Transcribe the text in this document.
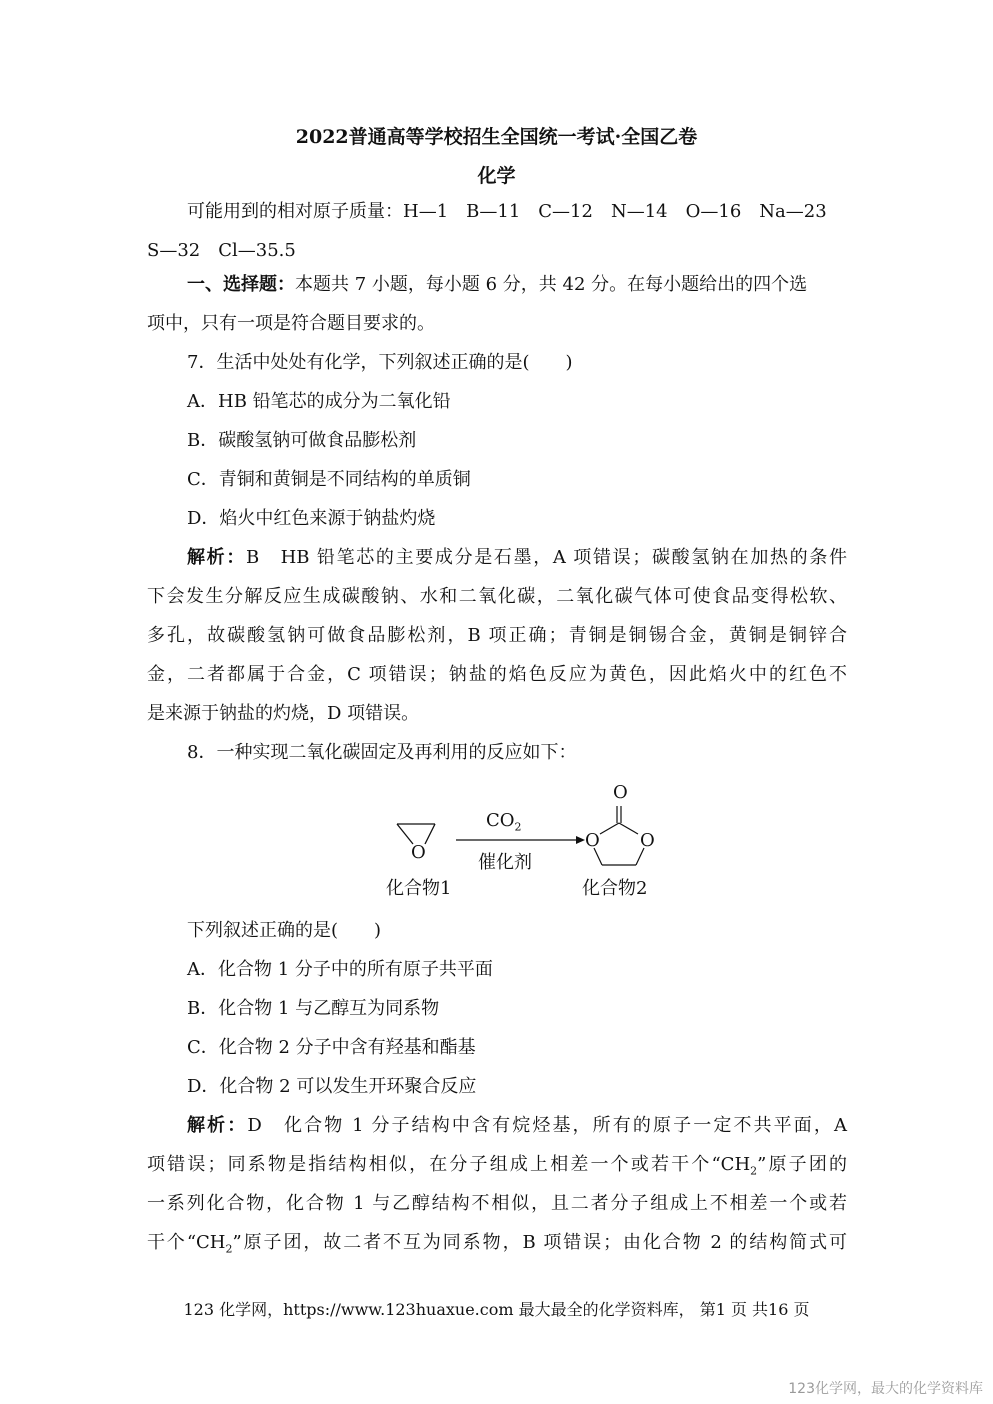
2022普通高等学校招生全国统一考试·全国乙卷
化学

可能用到的相对原子质量：H—1　B—11　C—12　N—14　O—16　Na—23

S—32　Cl—35.5

一、选择题：本题共 7 小题，每小题 6 分，共 42 分。在每小题给出的四个选

项中，只有一项是符合题目要求的。

7．生活中处处有化学，下列叙述正确的是(　　)

A．HB 铅笔芯的成分为二氧化铅

B．碳酸氢钠可做食品膨松剂

C．青铜和黄铜是不同结构的单质铜

D．焰火中红色来源于钠盐灼烧

解析：B　HB 铅笔芯的主要成分是石墨，A 项错误；碳酸氢钠在加热的条件

下会发生分解反应生成碳酸钠、水和二氧化碳，二氧化碳气体可使食品变得松软、

多孔，故碳酸氢钠可做食品膨松剂，B 项正确；青铜是铜锡合金，黄铜是铜锌合

金，二者都属于合金，C 项错误；钠盐的焰色反应为黄色，因此焰火中的红色不

是来源于钠盐的灼烧，D 项错误。

8．一种实现二氧化碳固定及再利用的反应如下：

O
$CO_2$
催化剂
O
O O
化合物1	化合物2

下列叙述正确的是(　　)

A．化合物 1 分子中的所有原子共平面

B．化合物 1 与乙醇互为同系物

C．化合物 2 分子中含有羟基和酯基

D．化合物 2 可以发生开环聚合反应

解析：D　化合物 1 分子结构中含有烷烃基，所有的原子一定不共平面，A

项错误；同系物是指结构相似，在分子组成上相差一个或若干个“$CH_2$”原子团的

一系列化合物，化合物 1 与乙醇结构不相似，且二者分子组成上不相差一个或若

干个“$CH_2$”原子团，故二者不互为同系物，B 项错误；由化合物 2 的结构简式可

123 化学网，https://www.123huaxue.com 最大最全的化学资料库， 第1 页 共16 页
123化学网，最大的化学资料库
